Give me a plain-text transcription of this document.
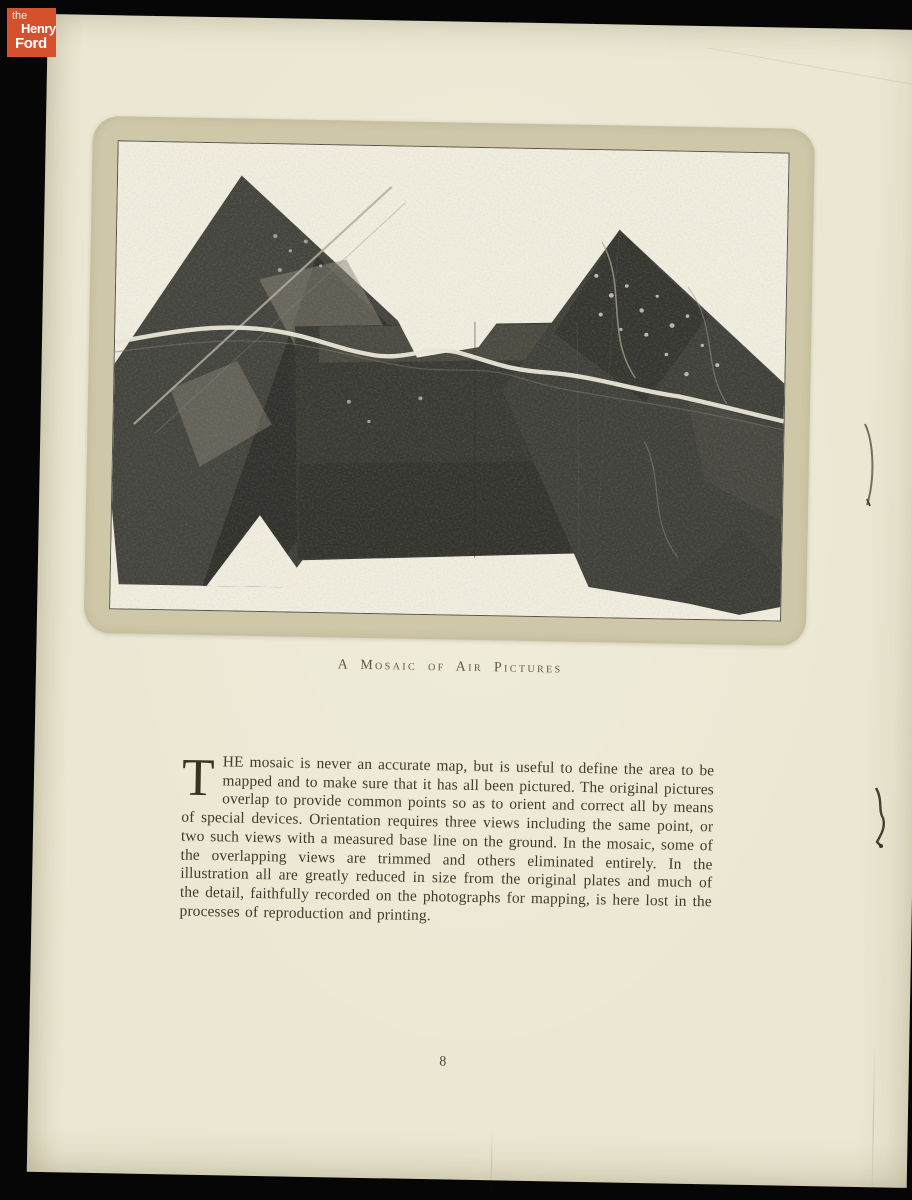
A Mosaic of Air Pictures
THE mosaic is never an accurate map, but is useful to define the area to be mapped and to make sure that it has all been pictured. The original pictures overlap to provide common points so as to orient and correct all by means of special devices. Orientation requires three views including the same point, or two such views with a measured base line on the ground. In the mosaic, some of the overlapping views are trimmed and others eliminated entirely. In the illustration all are greatly reduced in size from the original plates and much of the detail, faithfully recorded on the photographs for mapping, is here lost in the processes of reproduction and printing.
8
the
Henry
Ford
